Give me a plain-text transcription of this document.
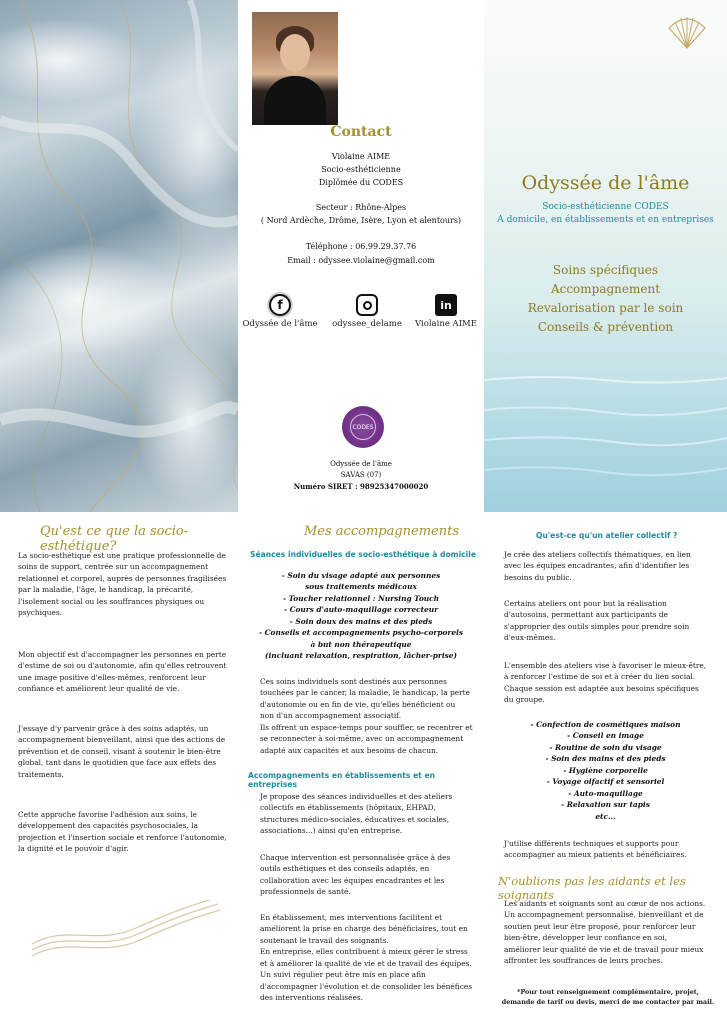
Contact
Violaine AIME
Socio-esthéticienne
Diplômée du CODES
Secteur : Rhône-Alpes
( Nord Ardèche, Drôme, Isère, Lyon et alentours)
Téléphone : 06.99.29.37.76
Email : odyssee.violaine@gmail.com
f
Odyssée de l'âme	odyssee_delame
in
Violaine AIME
CODES
Odyssée de l'âme
SAVAS (07)
Numéro SIRET : 98925347000020
Odyssée de l'âme
Socio-esthéticienne CODES
A domicile, en établissements et en entreprises
Soins spécifiques
Accompagnement
Revalorisation par le soin
Conseils & prévention
Qu'est ce que la socio-esthétique?
La socio-esthétique est une pratique professionnelle de
soins de support, centrée sur un accompagnement
relationnel et corporel, auprès de personnes fragilisées
par la maladie, l'âge, le handicap, la précarité,
l'isolement social ou les souffrances physiques ou
psychiques.
Mon objectif est d'accompagner les personnes en perte
d'estime de soi ou d'autonomie, afin qu'elles retrouvent
une image positive d'elles-mêmes, renforcent leur
confiance et améliorent leur qualité de vie.
J'essaye d'y parvenir grâce à des soins adaptés, un
accompagnement bienveillant, ainsi que des actions de
prévention et de conseil, visant à soutenir le bien-être
global, tant dans le quotidien que face aux effets des
traitements.
Cette approche favorise l'adhésion aux soins, le
développement des capacités psychosociales, la
projection et l'insertion sociale et renforce l'autonomie,
la dignité et le pouvoir d'agir.
Mes accompagnements
Séances individuelles de socio-esthétique à domicile
- Soin du visage adapté aux personnes
sous traitements médicaux
- Toucher relationnel : Nursing Touch
- Cours d'auto-maquillage correcteur
- Soin doux des mains et des pieds
- Conseils et accompagnements psycho-corporels
à but non thérapeutique
(incluant relaxation, respiration, lâcher-prise)
Ces soins individuels sont destinés aux personnes
touchées par le cancer, la maladie, le handicap, la perte
d'autonomie ou en fin de vie, qu'elles bénéficient ou
non d'un accompagnement associatif.
Ils offrent un espace-temps pour souffler, se recentrer et
se reconnecter à soi-même, avec un accompagnement
adapté aux capacités et aux besoins de chacun.
Accompagnements en établissements et en entreprises
Je propose des séances individuelles et des ateliers
collectifs en établissements (hôpitaux, EHPAD,
structures médico-sociales, éducatives et sociales,
associations...) ainsi qu'en entreprise.
Chaque intervention est personnalisée grâce à des
outils esthétiques et des conseils adaptés, en
collaboration avec les équipes encadrantes et les
professionnels de santé.
En établissement, mes interventions facilitent et
améliorent la prise en charge des bénéficiaires, tout en
soutenant le travail des soignants.
En entreprise, elles contribuent à mieux gérer le stress
et à améliorer la qualité de vie et de travail des équipes.
Un suivi régulier peut être mis en place afin
d'accompagner l'évolution et de consolider les bénéfices
des interventions réalisées.
Qu'est-ce qu'un atelier collectif ?
Je crée des ateliers collectifs thématiques, en lien
avec les équipes encadrantes, afin d'identifier les
besoins du public.
Certains ateliers ont pour but la réalisation
d'autosoins, permettant aux participants de
s'approprier des outils simples pour prendre soin
d'eux-mêmes.
L'ensemble des ateliers vise à favoriser le mieux-être,
à renforcer l'estime de soi et à créer du lien social.
Chaque session est adaptée aux besoins spécifiques
du groupe.
- Confection de cosmétiques maison
- Conseil en image
- Routine de soin du visage
- Soin des mains et des pieds
- Hygiène corporelle
- Voyage olfactif et sensoriel
- Auto-maquillage
- Relaxation sur tapis
etc...
J'utilise différents techniques et supports pour
accompagner au mieux patients et bénéficiaires.
N'oublions pas les aidants et les soignants
Les aidants et soignants sont au cœur de nos actions.
Un accompagnement personnalisé, bienveillant et de
soutien peut leur être proposé, pour renforcer leur
bien-être, développer leur confiance en soi,
améliorer leur qualité de vie et de travail pour mieux
affronter les souffrances de leurs proches.
*Pour tout renseignement complémentaire, projet,
demande de tarif ou devis, merci de me contacter par mail.
